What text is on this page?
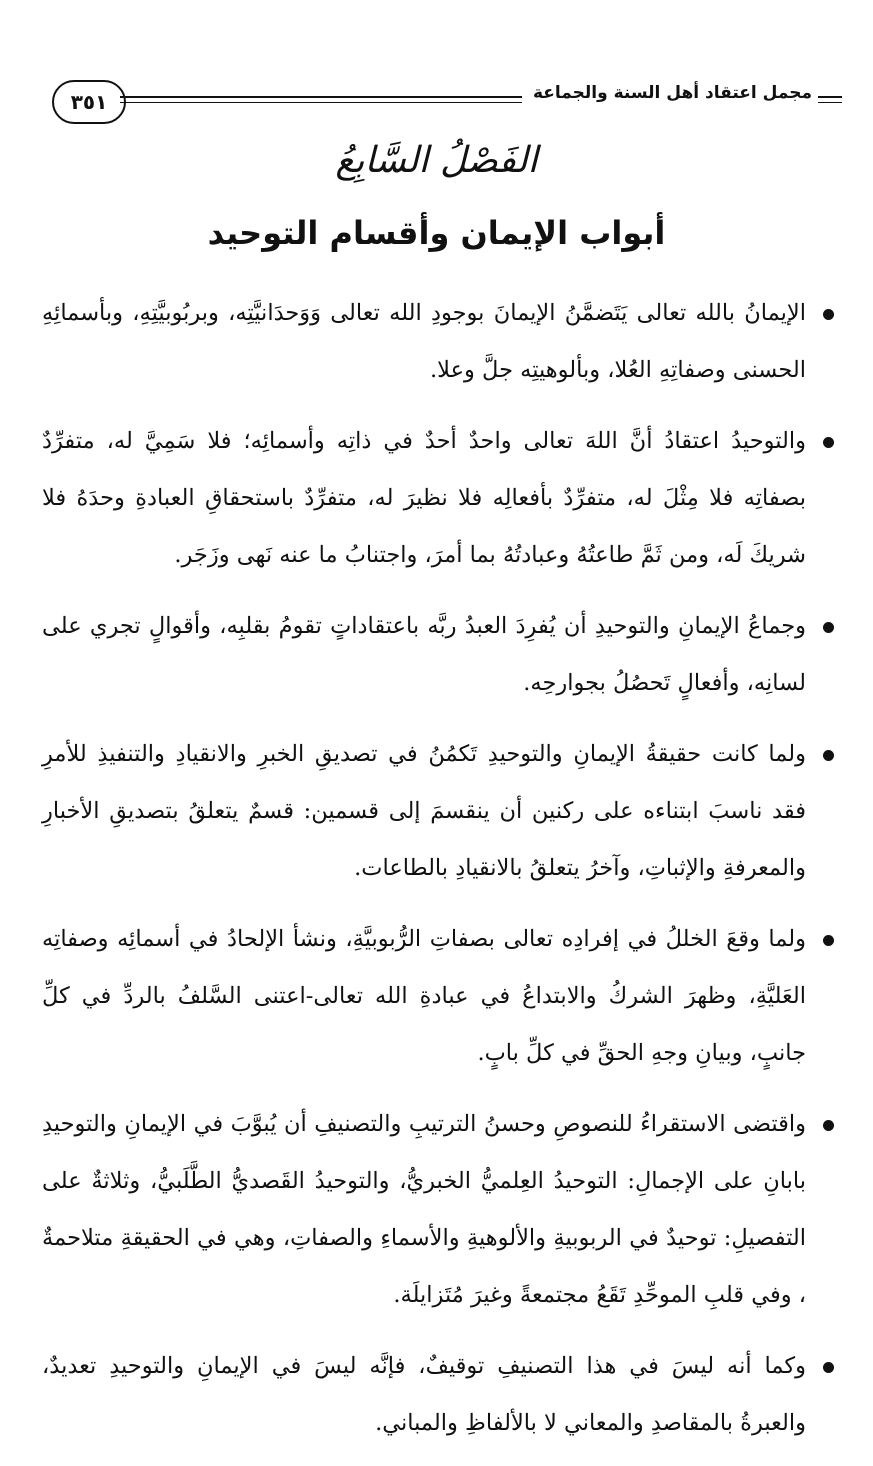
٣٥١	مجمل اعتقاد أهل السنة والجماعة
الفَصْلُ السَّابِعُ
أبواب الإيمان وأقسام التوحيد
الإيمانُ بالله تعالى يَتَضمَّنُ الإيمانَ بوجودِ الله تعالى وَوَحدَانيَّتِه، وبربُوبيَّتِهِ، وبأسمائِهِ الحسنى وصفاتِهِ العُلا، وبألوهيتِه جلَّ وعلا.
والتوحيدُ اعتقادُ أنَّ اللهَ تعالى واحدٌ أحدٌ في ذاتِه وأسمائِه؛ فلا سَمِيَّ له، متفرِّدٌ بصفاتِه فلا مِثْلَ له، متفرِّدٌ بأفعالِه فلا نظيرَ له، متفرِّدٌ باستحقاقِ العبادةِ وحدَهُ فلا شريكَ لَه، ومن ثَمَّ طاعتُهُ وعبادتُهُ بما أمرَ، واجتنابُ ما عنه نَهى وزَجَر.
وجماعُ الإيمانِ والتوحيدِ أن يُفرِدَ العبدُ ربَّه باعتقاداتٍ تقومُ بقلبِه، وأقوالٍ تجري على لسانِه، وأفعالٍ تَحصُلُ بجوارحِه.
ولما كانت حقيقةُ الإيمانِ والتوحيدِ تَكمُنُ في تصديقِ الخبرِ والانقيادِ والتنفيذِ للأمرِ فقد ناسبَ ابتناءه على ركنين أن ينقسمَ إلى قسمين: قسمٌ يتعلقُ بتصديقِ الأخبارِ والمعرفةِ والإثباتِ، وآخرُ يتعلقُ بالانقيادِ بالطاعات.
ولما وقعَ الخللُ في إفرادِه تعالى بصفاتِ الرُّبوبيَّةِ، ونشأ الإلحادُ في أسمائِه وصفاتِه العَليَّةِ، وظهرَ الشركُ والابتداعُ في عبادةِ الله تعالى-اعتنى السَّلفُ بالردِّ في كلِّ جانبٍ، وبيانِ وجهِ الحقِّ في كلِّ بابٍ.
واقتضى الاستقراءُ للنصوصِ وحسنُ الترتيبِ والتصنيفِ أن يُبوَّبَ في الإيمانِ والتوحيدِ بابانِ على الإجمالِ: التوحيدُ العِلميُّ الخبريُّ، والتوحيدُ القَصديُّ الطَّلَبيُّ، وثلاثةٌ على التفصيلِ: توحيدٌ في الربوبيةِ والألوهيةِ والأسماءِ والصفاتِ، وهي في الحقيقةِ متلاحمةٌ ، وفي قلبِ الموحِّدِ تَقَعُ مجتمعةً وغيرَ مُتَزايلَة.
وكما أنه ليسَ في هذا التصنيفِ توقيفٌ، فإنَّه ليسَ في الإيمانِ والتوحيدِ تعديدٌ، والعبرةُ بالمقاصدِ والمعاني لا بالألفاظِ والمباني.
